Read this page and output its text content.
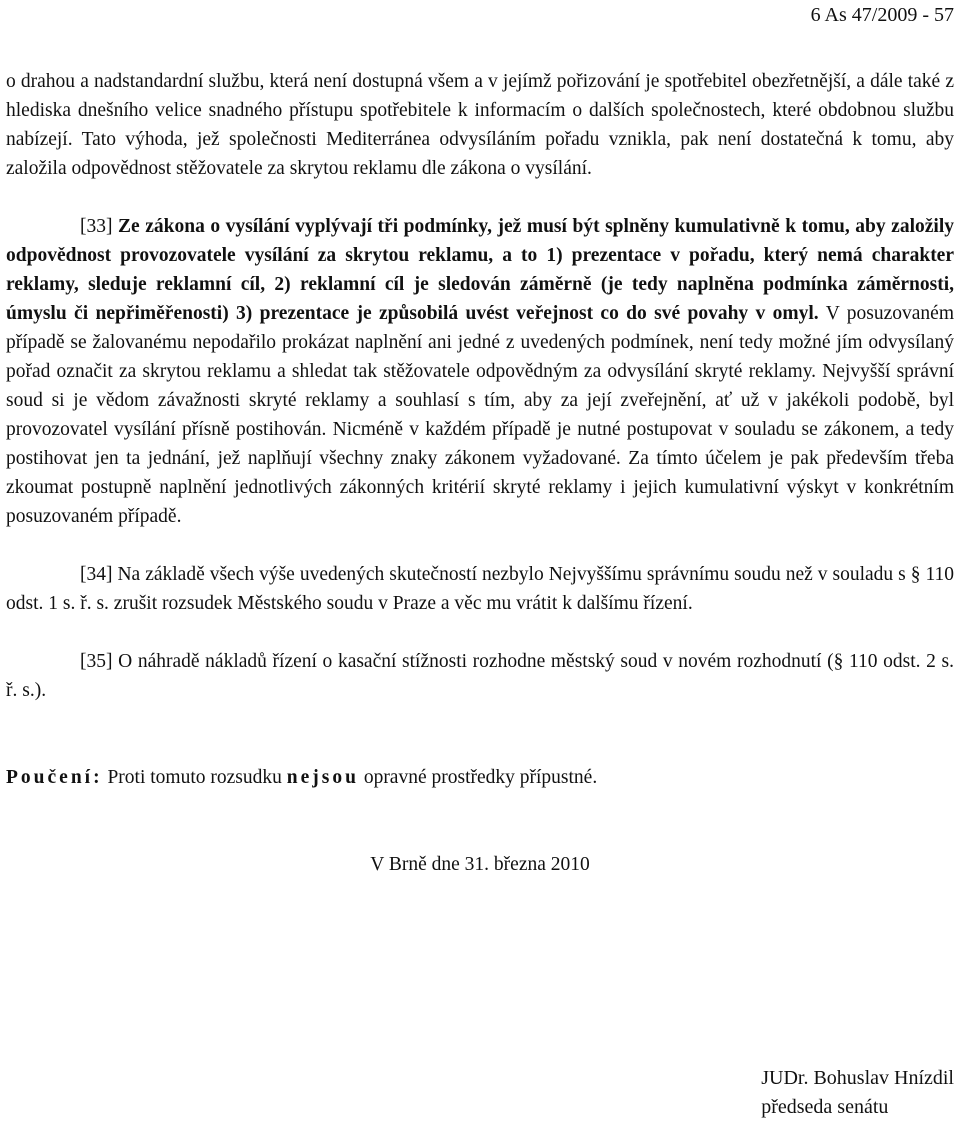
6 As 47/2009 - 57

o drahou a nadstandardní službu, která není dostupná všem a v jejímž pořizování je spotřebitel obezřetnější, a dále také z hlediska dnešního velice snadného přístupu spotřebitele k informacím o dalších společnostech, které obdobnou službu nabízejí. Tato výhoda, jež společnosti Mediterránea odvysíláním pořadu vznikla, pak není dostatečná k tomu, aby založila odpovědnost stěžovatele za skrytou reklamu dle zákona o vysílání.

[33] Ze zákona o vysílání vyplývají tři podmínky, jež musí být splněny kumulativně k tomu, aby založily odpovědnost provozovatele vysílání za skrytou reklamu, a to 1) prezentace v pořadu, který nemá charakter reklamy, sleduje reklamní cíl, 2) reklamní cíl je sledován záměrně (je tedy naplněna podmínka záměrnosti, úmyslu či nepřiměřenosti) 3) prezentace je způsobilá uvést veřejnost co do své povahy v omyl. V posuzovaném případě se žalovanému nepodařilo prokázat naplnění ani jedné z uvedených podmínek, není tedy možné jím odvysílaný pořad označit za skrytou reklamu a shledat tak stěžovatele odpovědným za odvysílání skryté reklamy. Nejvyšší správní soud si je vědom závažnosti skryté reklamy a souhlasí s tím, aby za její zveřejnění, ať už v jakékoli podobě, byl provozovatel vysílání přísně postihován. Nicméně v každém případě je nutné postupovat v souladu se zákonem, a tedy postihovat jen ta jednání, jež naplňují všechny znaky zákonem vyžadované. Za tímto účelem je pak především třeba zkoumat postupně naplnění jednotlivých zákonných kritérií skryté reklamy i jejich kumulativní výskyt v konkrétním posuzovaném případě.

[34] Na základě všech výše uvedených skutečností nezbylo Nejvyššímu správnímu soudu než v souladu s § 110 odst. 1 s. ř. s. zrušit rozsudek Městského soudu v Praze a věc mu vrátit k dalšímu řízení.

[35] O náhradě nákladů řízení o kasační stížnosti rozhodne městský soud v novém rozhodnutí (§ 110 odst. 2 s. ř. s.).

Poučení: Proti tomuto rozsudku nejsou opravné prostředky přípustné.

V Brně dne 31. března 2010

JUDr. Bohuslav Hnízdil
předseda senátu
